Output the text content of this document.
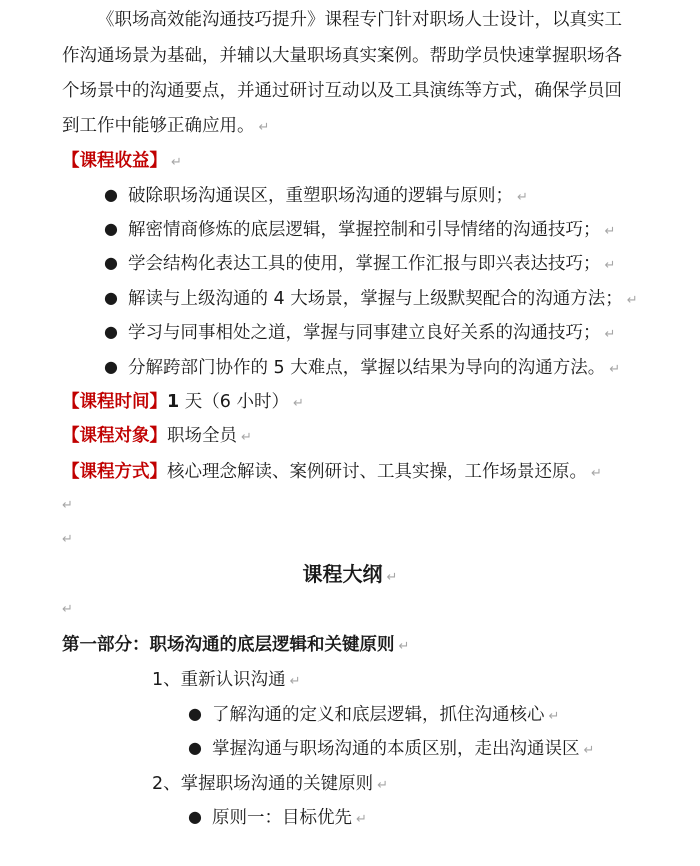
《职场高效能沟通技巧提升》课程专门针对职场人士设计，以真实工
作沟通场景为基础，并辅以大量职场真实案例。帮助学员快速掌握职场各
个场景中的沟通要点，并通过研讨互动以及工具演练等方式，确保学员回
到工作中能够正确应用。 ↵
【课程收益】 ↵
● 破除职场沟通误区，重塑职场沟通的逻辑与原则； ↵
● 解密情商修炼的底层逻辑，掌握控制和引导情绪的沟通技巧； ↵
● 学会结构化表达工具的使用，掌握工作汇报与即兴表达技巧； ↵
● 解读与上级沟通的 4 大场景，掌握与上级默契配合的沟通方法； ↵
● 学习与同事相处之道，掌握与同事建立良好关系的沟通技巧； ↵
● 分解跨部门协作的 5 大难点，掌握以结果为导向的沟通方法。 ↵
【课程时间】1 天（6 小时） ↵
【课程对象】职场全员 ↵
【课程方式】核心理念解读、案例研讨、工具实操，工作场景还原。 ↵
↵
↵
课程大纲 ↵
↵
第一部分：职场沟通的底层逻辑和关键原则 ↵
1、重新认识沟通 ↵
● 了解沟通的定义和底层逻辑，抓住沟通核心 ↵
● 掌握沟通与职场沟通的本质区别，走出沟通误区 ↵
2、掌握职场沟通的关键原则 ↵
● 原则一：目标优先 ↵
